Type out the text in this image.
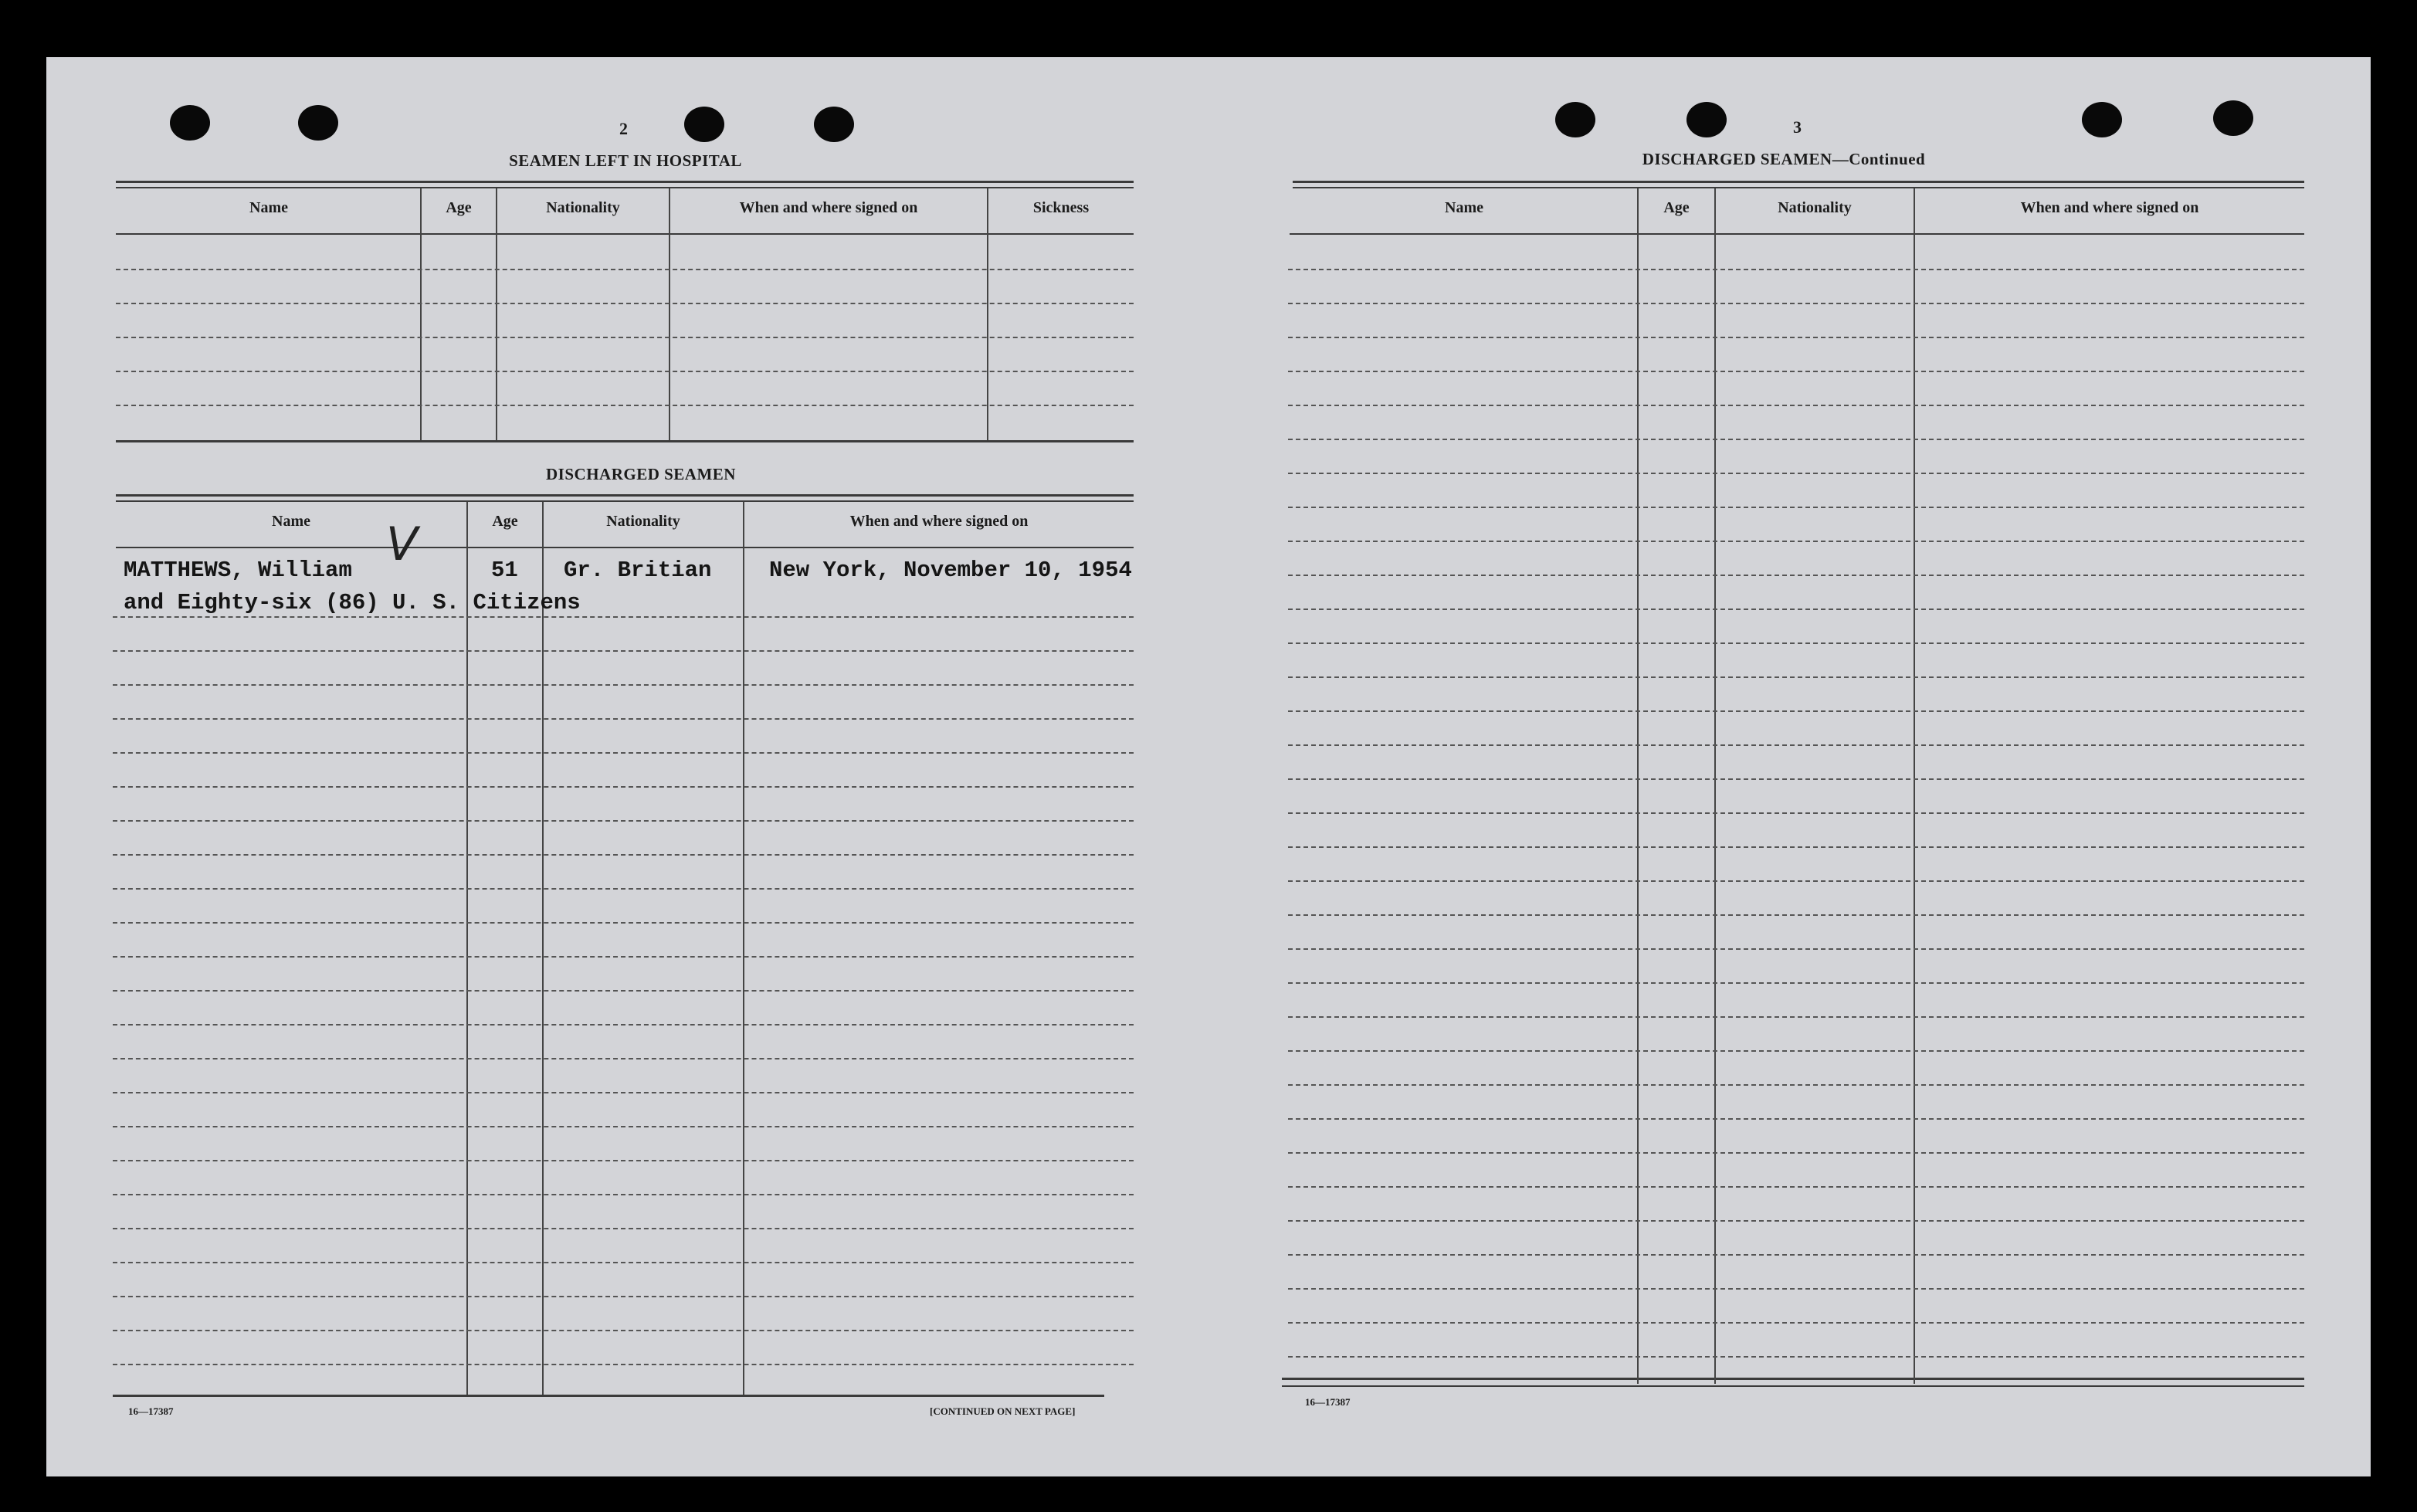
2
SEAMEN LEFT IN HOSPITAL
Name	Age	Nationality	When and where signed on	Sickness
DISCHARGED SEAMEN
Name	Age	Nationality	When and where signed on
MATTHEWS, William V	51 Gr. Britian	New York, November 10, 1954
and Eighty-six (86) U. S. Citizens
16—17387	[CONTINUED ON NEXT PAGE]
3
DISCHARGED SEAMEN—Continued
Name	Age	Nationality	When and where signed on
16—17387
